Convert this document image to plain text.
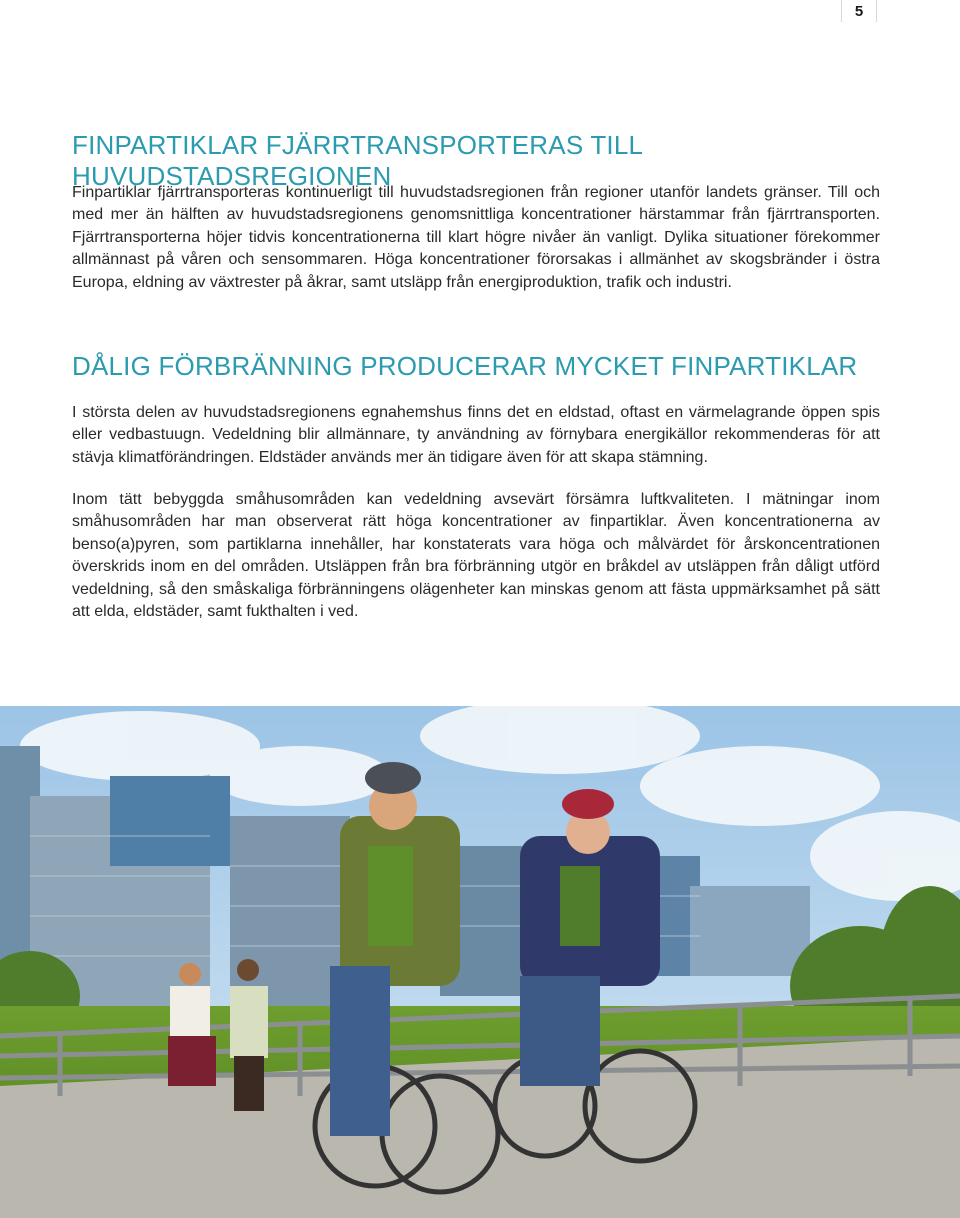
5
FINPARTIKLAR FJÄRRTRANSPORTERAS TILL HUVUDSTADSREGIONEN

Finpartiklar fjärrtransporteras kontinuerligt till huvudstadsregionen från regioner utanför landets gränser. Till och med mer än hälften av huvudstadsregionens genomsnittliga koncentrationer härstammar från fjärrtransporten. Fjärrtransporterna höjer tidvis koncentrationerna till klart högre nivåer än vanligt. Dylika situationer förekommer allmännast på våren och sensommaren. Höga koncentrationer förorsakas i allmänhet av skogsbränder i östra Europa, eldning av växtrester på åkrar, samt utsläpp från energiproduktion, trafik och industri.

DÅLIG FÖRBRÄNNING PRODUCERAR MYCKET FINPARTIKLAR

I största delen av huvudstadsregionens egnahemshus finns det en eldstad, oftast en värmelagrande öppen spis eller vedbastuugn. Vedeldning blir allmännare, ty användning av förnybara energikällor rekommenderas för att stävja klimatförändringen. Eldstäder används mer än tidigare även för att skapa stämning.

Inom tätt bebyggda småhusområden kan vedeldning avsevärt försämra luftkvaliteten. I mätningar inom småhusområden har man observerat rätt höga koncentrationer av finpartiklar. Även koncentrationerna av benso(a)pyren, som partiklarna innehåller, har konstaterats vara höga och målvärdet för årskoncentrationen överskrids inom en del områden. Utsläppen från bra förbränning utgör en bråkdel av utsläppen från dåligt utförd vedeldning, så den småskaliga förbränningens olägenheter kan minskas genom att fästa uppmärksamhet på sätt att elda, eldstäder, samt fukthalten i ved.
